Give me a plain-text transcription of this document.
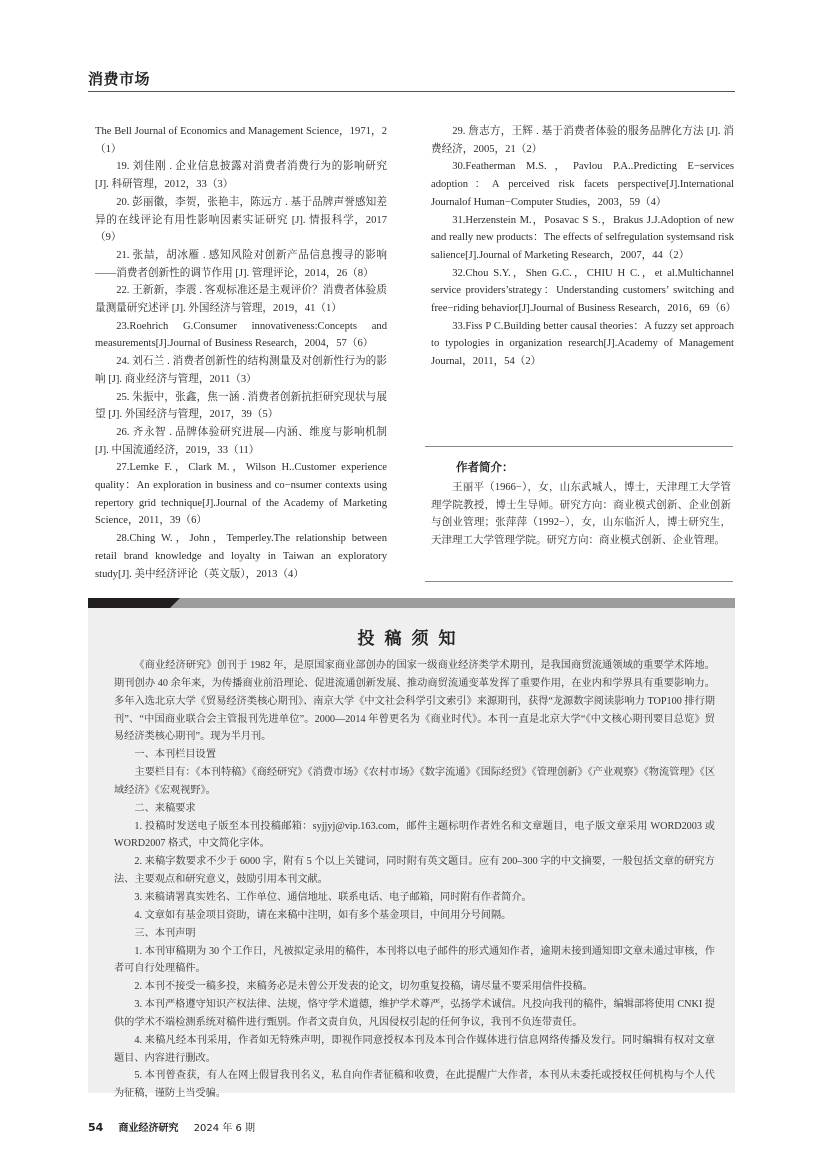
消费市场

The Bell Journal of Economics and Management Science，1971，2（1）

19. 刘佳刚 . 企业信息披露对消费者消费行为的影响研究 [J]. 科研管理，2012，33（3）

20. 彭丽徽，李贺，张艳丰，陈远方 . 基于品牌声誉感知差异的在线评论有用性影响因素实证研究 [J]. 情报科学，2017（9）

21. 张喆，胡冰雁 . 感知风险对创新产品信息搜寻的影响——消费者创新性的调节作用 [J]. 管理评论，2014，26（8）

22. 王新新，李震 . 客观标准还是主观评价？消费者体验质量测量研究述评 [J]. 外国经济与管理，2019，41（1）

23.Roehrich G.Consumer innovativeness:Concepts and measurements[J].Journal of Business Research，2004，57（6）

24. 刘石兰 . 消费者创新性的结构测量及对创新性行为的影响 [J]. 商业经济与管理，2011（3）

25. 朱振中，张鑫，焦一涵 . 消费者创新抗拒研究现状与展望 [J]. 外国经济与管理，2017，39（5）

26. 齐永智 . 品牌体验研究进展—内涵、维度与影响机制 [J]. 中国流通经济，2019，33（11）

27.Lemke F.，Clark M.，Wilson H..Customer experience quality：An exploration in business and co−nsumer contexts using repertory grid technique[J].Journal of the Academy of Marketing Science，2011，39（6）

28.Ching W.，John，Temperley.The relationship between retail brand knowledge and loyalty in Taiwan an exploratory study[J]. 美中经济评论（英文版），2013（4）

29. 詹志方，王辉 . 基于消费者体验的服务品牌化方法 [J]. 消费经济，2005，21（2）

30.Featherman M.S.，Pavlou P.A..Predicting E−services adoption：A perceived risk facets perspective[J].International Journalof Human−Computer Studies，2003，59（4）

31.Herzenstein M.，Posavac S S.，Brakus J.J.Adoption of new and really new products：The effects of selfregulation systemsand risk salience[J].Journal of Marketing Research，2007，44（2）

32.Chou S.Y.，Shen G.C.，CHIU H C.，et al.Multichannel service providers’strategy：Understanding customers’ switching and free−riding behavior[J].Journal of Business Research，2016，69（6）

33.Fiss P C.Building better causal theories：A fuzzy set approach to typologies in organization research[J].Academy of Management Journal，2011，54（2）

作者简介：
王丽平（1966−），女，山东武城人，博士，天津理工大学管理学院教授，博士生导师。研究方向：商业模式创新、企业创新与创业管理；张萍萍（1992−），女，山东临沂人，博士研究生，天津理工大学管理学院。研究方向：商业模式创新、企业管理。
投稿须知

《商业经济研究》创刊于 1982 年，是原国家商业部创办的国家一级商业经济类学术期刊，是我国商贸流通领域的重要学术阵地。期刊创办 40 余年来，为传播商业前沿理论、促进流通创新发展、推动商贸流通变革发挥了重要作用，在业内和学界具有重要影响力。多年入选北京大学《贸易经济类核心期刊》、南京大学《中文社会科学引文索引》来源期刊，获得“龙源数字阅读影响力 TOP100 排行期刊”、“中国商业联合会主管报刊先进单位”。2000—2014 年曾更名为《商业时代》。本刊一直是北京大学“《中文核心期刊要目总览》贸易经济类核心期刊”。现为半月刊。

一、本刊栏目设置

主要栏目有：《本刊特稿》《商经研究》《消费市场》《农村市场》《数字流通》《国际经贸》《管理创新》《产业观察》《物流管理》《区域经济》《宏观视野》。

二、来稿要求

1. 投稿时发送电子版至本刊投稿邮箱：syjjyj@vip.163.com，邮件主题标明作者姓名和文章题目，电子版文章采用 WORD2003 或 WORD2007 格式，中文简化字体。

2. 来稿字数要求不少于 6000 字，附有 5 个以上关键词，同时附有英文题目。应有 200–300 字的中文摘要，一般包括文章的研究方法、主要观点和研究意义，鼓励引用本刊文献。

3. 来稿请署真实姓名、工作单位、通信地址、联系电话、电子邮箱，同时附有作者简介。

4. 文章如有基金项目资助，请在来稿中注明，如有多个基金项目，中间用分号间隔。

三、本刊声明

1. 本刊审稿期为 30 个工作日，凡被拟定录用的稿件，本刊将以电子邮件的形式通知作者，逾期未接到通知即文章未通过审核，作者可自行处理稿件。

2. 本刊不接受一稿多投，来稿务必是未曾公开发表的论文，切勿重复投稿，请尽量不要采用信件投稿。

3. 本刊严格遵守知识产权法律、法规，恪守学术道德，维护学术尊严，弘扬学术诚信。凡投向我刊的稿件，编辑部将使用 CNKI 提供的学术不端检测系统对稿件进行甄别。作者文责自负，凡因侵权引起的任何争议，我刊不负连带责任。

4. 来稿凡经本刊采用，作者如无特殊声明，即视作同意授权本刊及本刊合作媒体进行信息网络传播及发行。同时编辑有权对文章题目、内容进行删改。

5. 本刊曾查获，有人在网上假冒我刊名义，私自向作者征稿和收费，在此提醒广大作者，本刊从未委托或授权任何机构与个人代为征稿，谨防上当受骗。

54 商业经济研究 2024 年 6 期
